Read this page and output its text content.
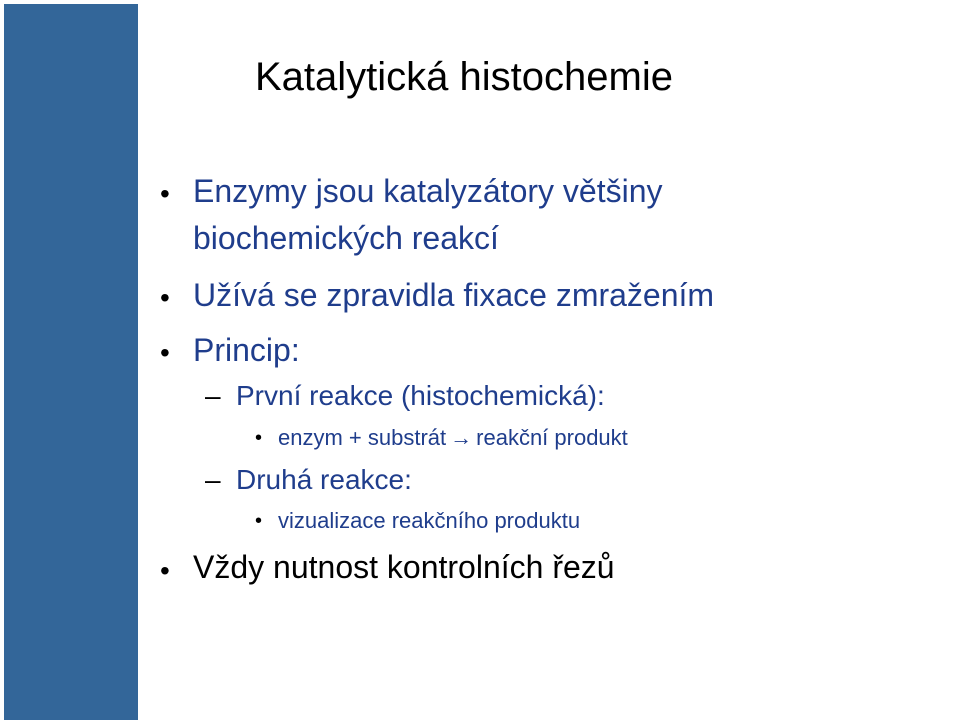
Katalytická histochemie
• Enzymy jsou katalyzátory většiny
biochemických reakcí
• Užívá se zpravidla fixace zmražením
• Princip:
– První reakce (histochemická):
• enzym + substrát → reakční produkt
– Druhá reakce:
• vizualizace reakčního produktu
• Vždy nutnost kontrolních řezů
